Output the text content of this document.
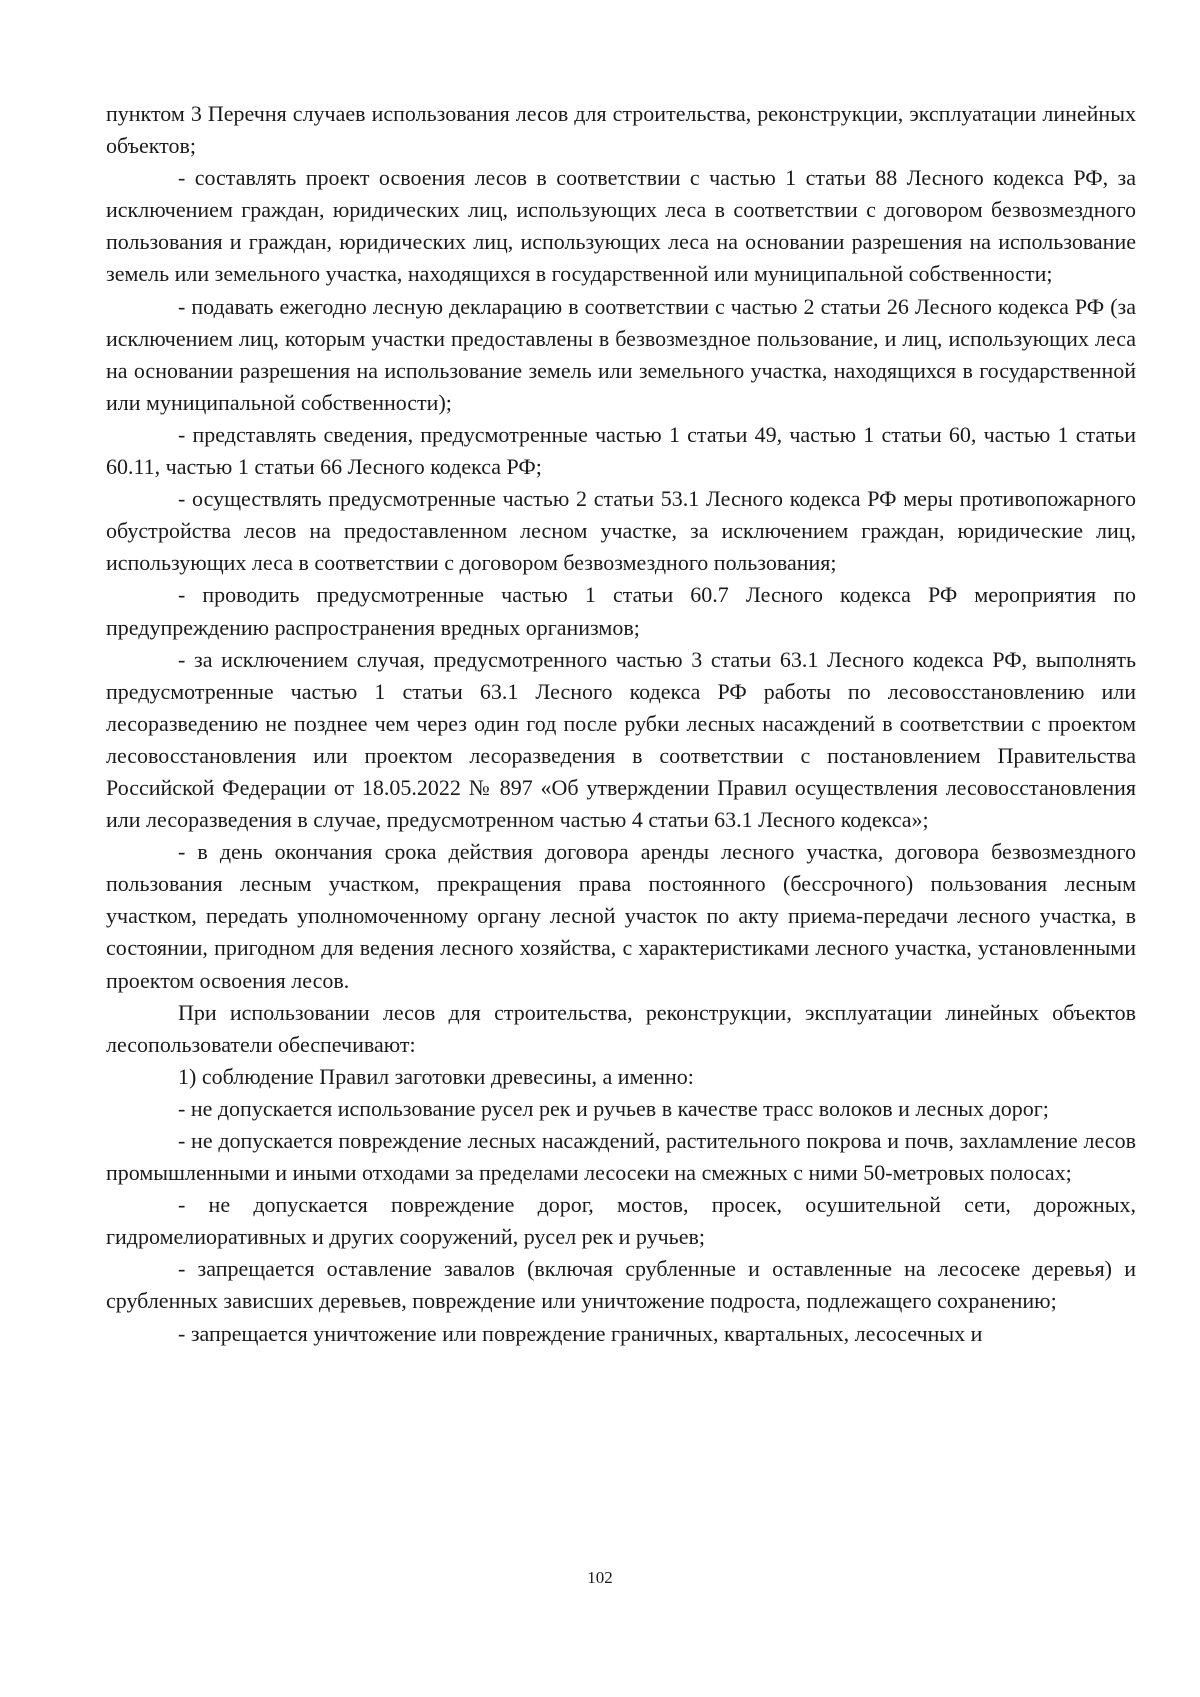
пунктом 3 Перечня случаев использования лесов для строительства, реконструкции, эксплуатации линейных объектов;

- составлять проект освоения лесов в соответствии с частью 1 статьи 88 Лесного кодекса РФ, за исключением граждан, юридических лиц, использующих леса в соответствии с договором безвозмездного пользования и граждан, юридических лиц, использующих леса на основании разрешения на использование земель или земельного участка, находящихся в государственной или муниципальной собственности;

- подавать ежегодно лесную декларацию в соответствии с частью 2 статьи 26 Лесного кодекса РФ (за исключением лиц, которым участки предоставлены в безвозмездное пользование, и лиц, использующих леса на основании разрешения на использование земель или земельного участка, находящихся в государственной или муниципальной собственности);

- представлять сведения, предусмотренные частью 1 статьи 49, частью 1 статьи 60, частью 1 статьи 60.11, частью 1 статьи 66 Лесного кодекса РФ;

- осуществлять предусмотренные частью 2 статьи 53.1 Лесного кодекса РФ меры противопожарного обустройства лесов на предоставленном лесном участке, за исключением граждан, юридические лиц, использующих леса в соответствии с договором безвозмездного пользования;

- проводить предусмотренные частью 1 статьи 60.7 Лесного кодекса РФ мероприятия по предупреждению распространения вредных организмов;

- за исключением случая, предусмотренного частью 3 статьи 63.1 Лесного кодекса РФ, выполнять предусмотренные частью 1 статьи 63.1 Лесного кодекса РФ работы по лесовосстановлению или лесоразведению не позднее чем через один год после рубки лесных насаждений в соответствии с проектом лесовосстановления или проектом лесоразведения в соответствии с постановлением Правительства Российской Федерации от 18.05.2022 № 897 «Об утверждении Правил осуществления лесовосстановления или лесоразведения в случае, предусмотренном частью 4 статьи 63.1 Лесного кодекса»;

- в день окончания срока действия договора аренды лесного участка, договора безвозмездного пользования лесным участком, прекращения права постоянного (бессрочного) пользования лесным участком, передать уполномоченному органу лесной участок по акту приема-передачи лесного участка, в состоянии, пригодном для ведения лесного хозяйства, с характеристиками лесного участка, установленными проектом освоения лесов.

При использовании лесов для строительства, реконструкции, эксплуатации линейных объектов лесопользователи обеспечивают:

1) соблюдение Правил заготовки древесины, а именно:

- не допускается использование русел рек и ручьев в качестве трасс волоков и лесных дорог;

- не допускается повреждение лесных насаждений, растительного покрова и почв, захламление лесов промышленными и иными отходами за пределами лесосеки на смежных с ними 50-метровых полосах;

- не допускается повреждение дорог, мостов, просек, осушительной сети, дорожных, гидромелиоративных и других сооружений, русел рек и ручьев;

- запрещается оставление завалов (включая срубленные и оставленные на лесосеке деревья) и срубленных зависших деревьев, повреждение или уничтожение подроста, подлежащего сохранению;

- запрещается уничтожение или повреждение граничных, квартальных, лесосечных и

102
